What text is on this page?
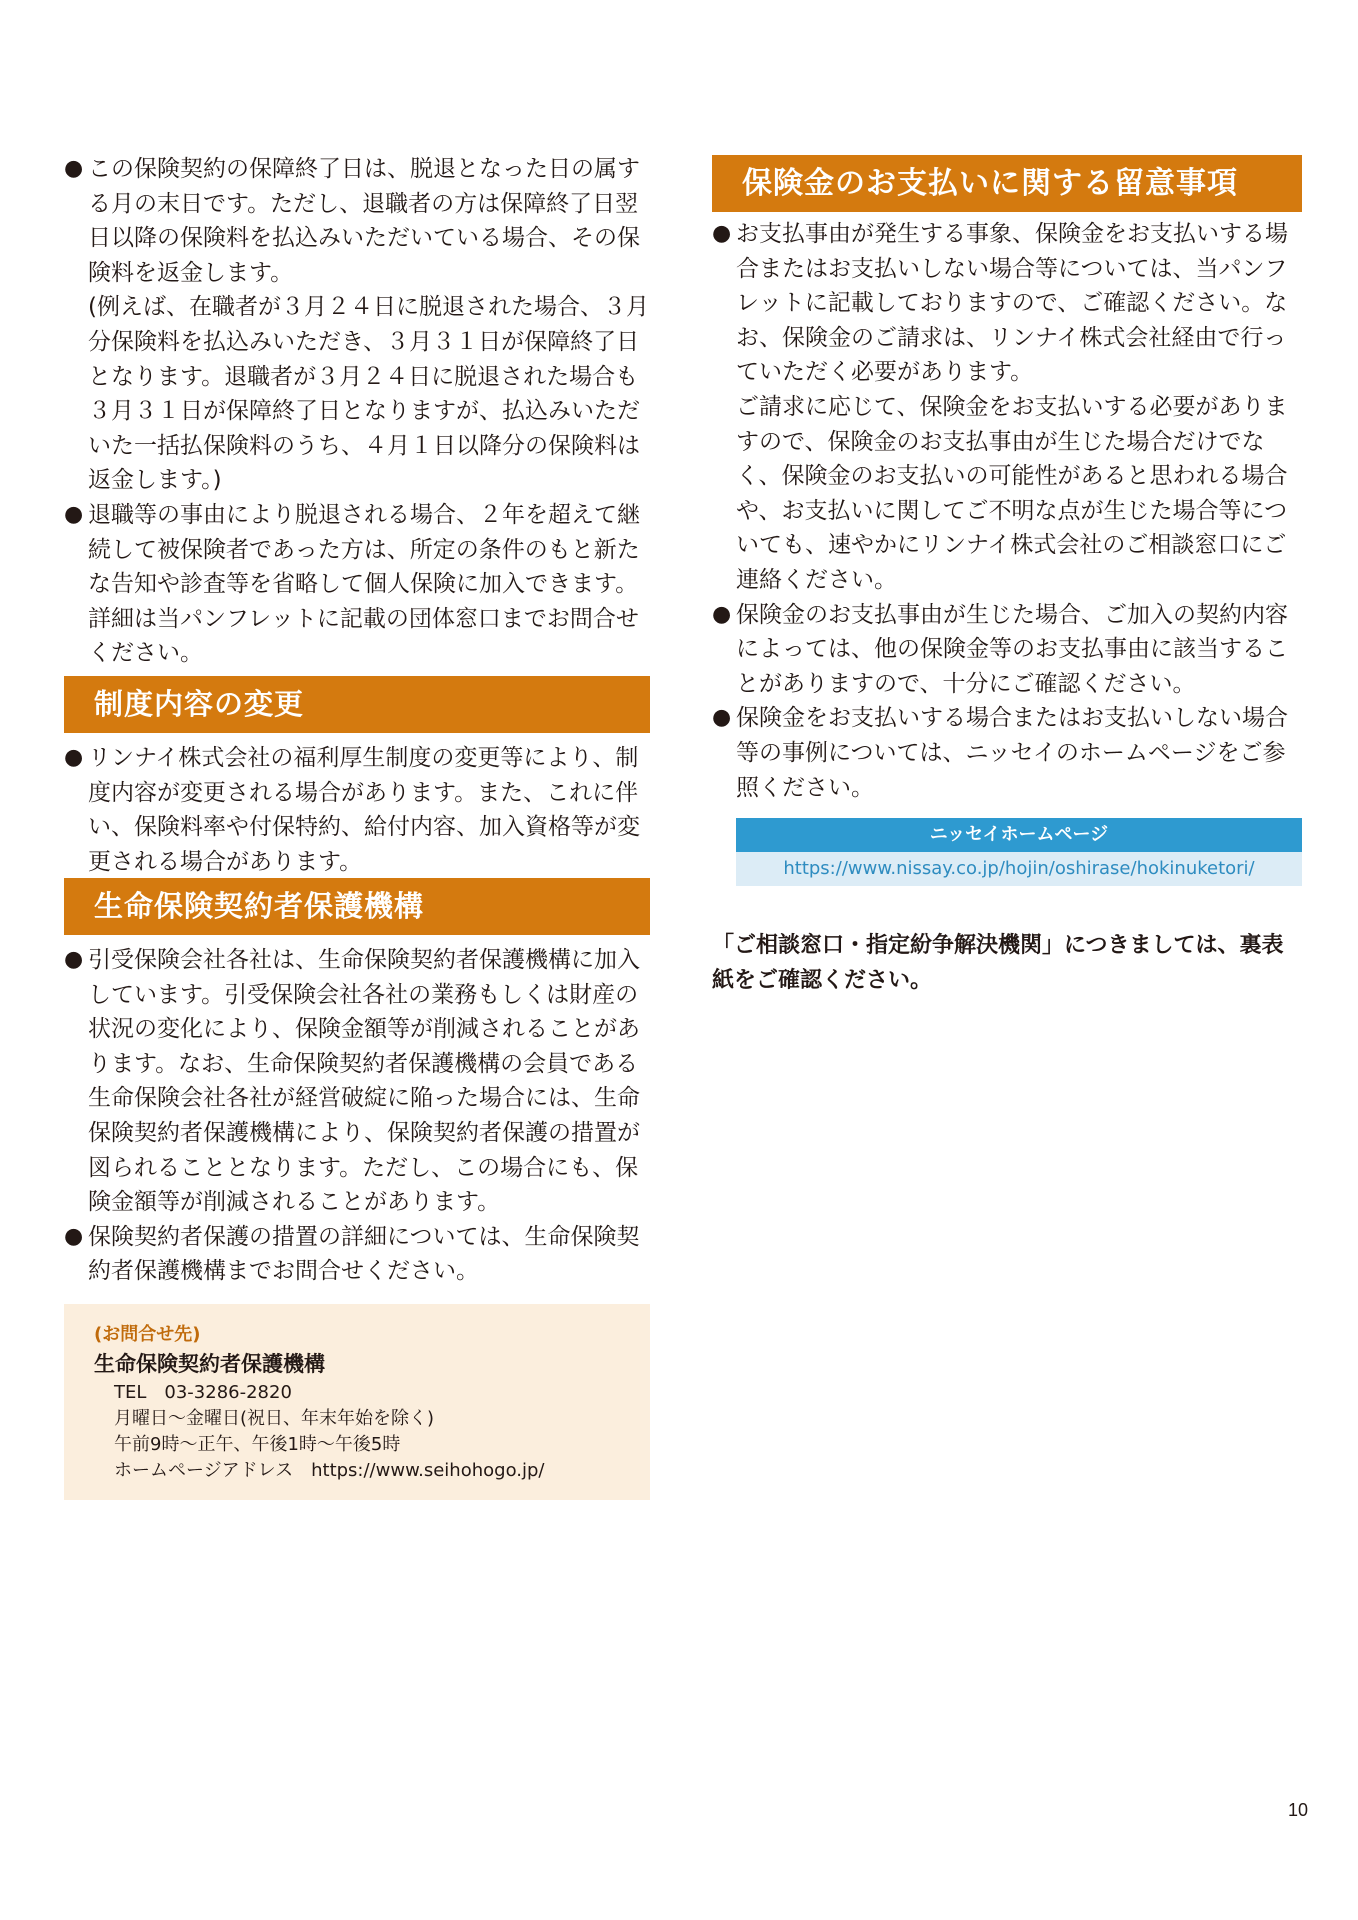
● この保険契約の保障終了日は、脱退となった日の属する月の末日です。ただし、退職者の方は保障終了日翌日以降の保険料を払込みいただいている場合、その保険料を返金します。

(例えば、在職者が３月２４日に脱退された場合、３月分保険料を払込みいただき、３月３１日が保障終了日となります。退職者が３月２４日に脱退された場合も３月３１日が保障終了日となりますが、払込みいただいた一括払保険料のうち、４月１日以降分の保険料は返金します。)

● 退職等の事由により脱退される場合、２年を超えて継続して被保険者であった方は、所定の条件のもと新たな告知や診査等を省略して個人保険に加入できます。詳細は当パンフレットに記載の団体窓口までお問合せください。

制度内容の変更

● リンナイ株式会社の福利厚生制度の変更等により、制度内容が変更される場合があります。また、これに伴い、保険料率や付保特約、給付内容、加入資格等が変更される場合があります。

生命保険契約者保護機構

● 引受保険会社各社は、生命保険契約者保護機構に加入しています。引受保険会社各社の業務もしくは財産の状況の変化により、保険金額等が削減されることがあります。なお、生命保険契約者保護機構の会員である生命保険会社各社が経営破綻に陥った場合には、生命保険契約者保護機構により、保険契約者保護の措置が図られることとなります。ただし、この場合にも、保険金額等が削減されることがあります。

● 保険契約者保護の措置の詳細については、生命保険契約者保護機構までお問合せください。

(お問合せ先)
生命保険契約者保護機構
TEL　03-3286-2820
月曜日～金曜日(祝日、年末年始を除く)
午前9時～正午、午後1時～午後5時
ホームページアドレス　https://www.seihohogo.jp/
保険金のお支払いに関する留意事項

● お支払事由が発生する事象、保険金をお支払いする場合またはお支払いしない場合等については、当パンフレットに記載しておりますので、ご確認ください。なお、保険金のご請求は、リンナイ株式会社経由で行っていただく必要があります。

ご請求に応じて、保険金をお支払いする必要がありますので、保険金のお支払事由が生じた場合だけでなく、保険金のお支払いの可能性があると思われる場合や、お支払いに関してご不明な点が生じた場合等についても、速やかにリンナイ株式会社のご相談窓口にご連絡ください。

● 保険金のお支払事由が生じた場合、ご加入の契約内容によっては、他の保険金等のお支払事由に該当することがありますので、十分にご確認ください。

● 保険金をお支払いする場合またはお支払いしない場合等の事例については、ニッセイのホームページをご参照ください。

ニッセイホームページ
https://www.nissay.co.jp/hojin/oshirase/hokinuketori/

「ご相談窓口・指定紛争解決機関」につきましては、裏表紙をご確認ください。

10
